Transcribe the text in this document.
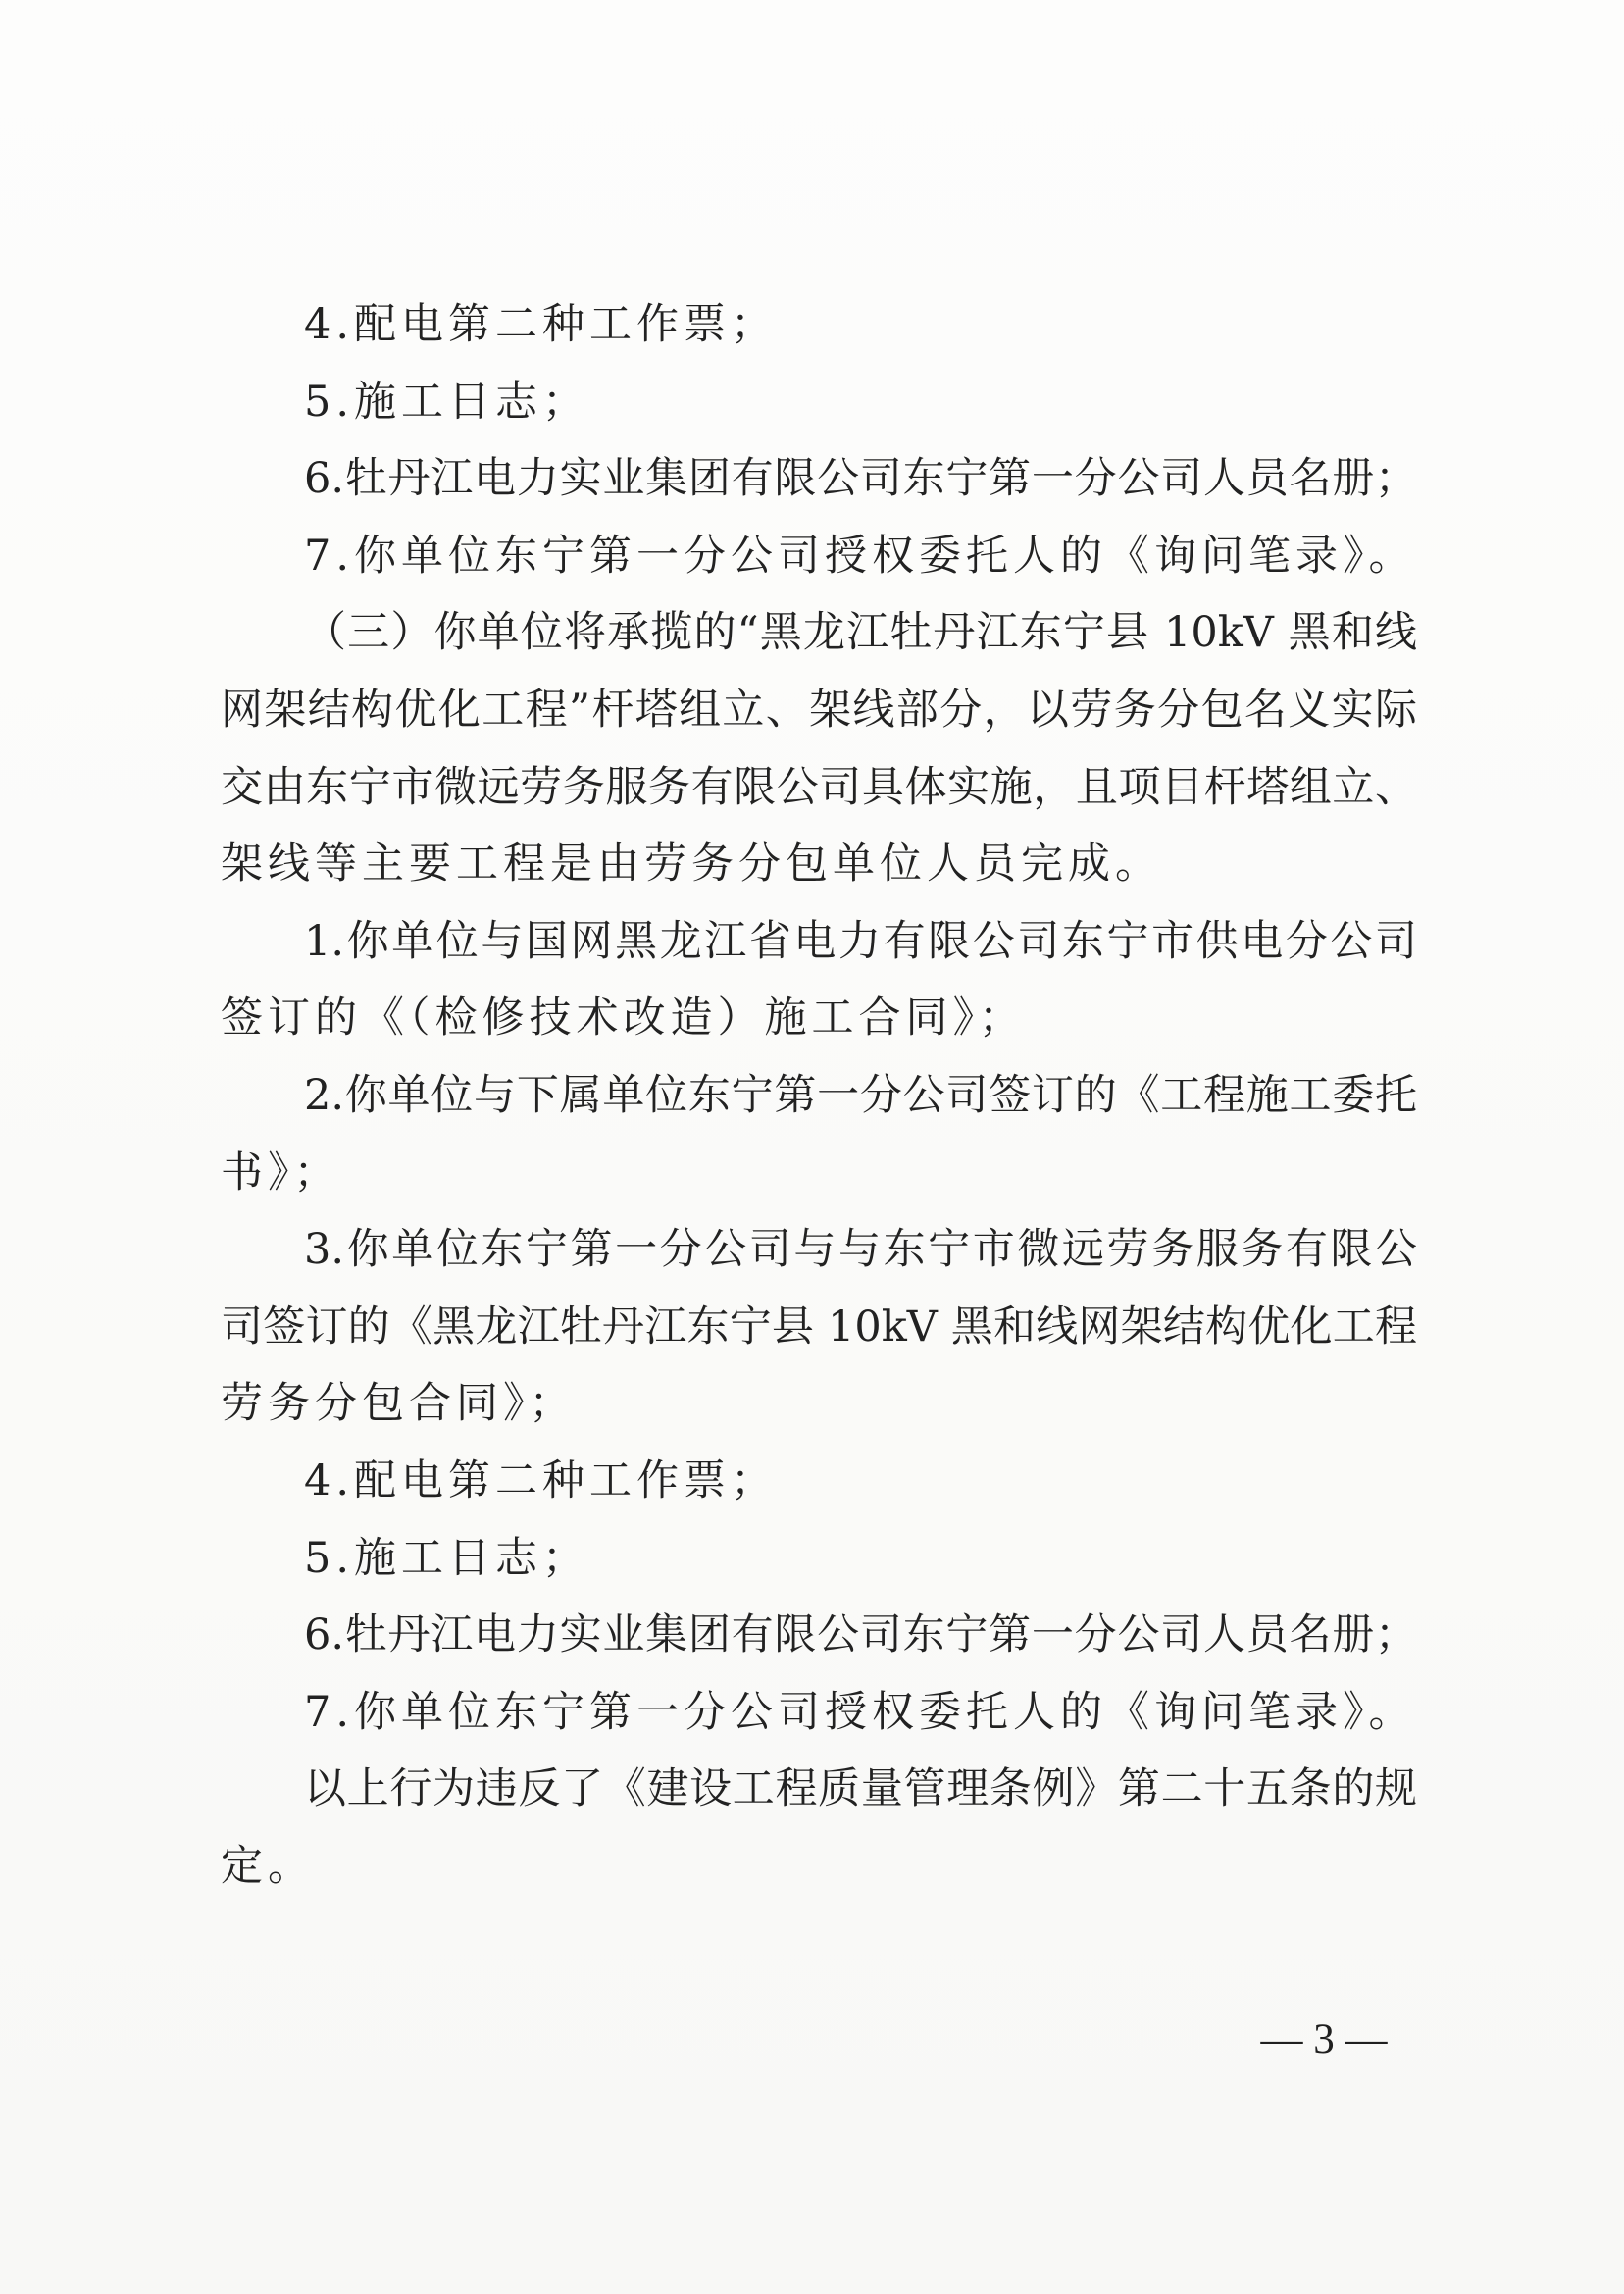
4.配电第二种工作票；
5.施工日志；
6.牡丹江电力实业集团有限公司东宁第一分公司人员名册；
7.你单位东宁第一分公司授权委托人的《询问笔录》。
（三）你单位将承揽的“黑龙江牡丹江东宁县 10kV 黑和线
网架结构优化工程”杆塔组立、架线部分，以劳务分包名义实际
交由东宁市微远劳务服务有限公司具体实施，且项目杆塔组立、
架线等主要工程是由劳务分包单位人员完成。
1.你单位与国网黑龙江省电力有限公司东宁市供电分公司
签订的《（检修技术改造）施工合同》；
2.你单位与下属单位东宁第一分公司签订的《工程施工委托
书》；
3.你单位东宁第一分公司与与东宁市微远劳务服务有限公
司签订的《黑龙江牡丹江东宁县 10kV 黑和线网架结构优化工程
劳务分包合同》；
4.配电第二种工作票；
5.施工日志；
6.牡丹江电力实业集团有限公司东宁第一分公司人员名册；
7.你单位东宁第一分公司授权委托人的《询问笔录》。
以上行为违反了《建设工程质量管理条例》第二十五条的规
定。
— 3 —
